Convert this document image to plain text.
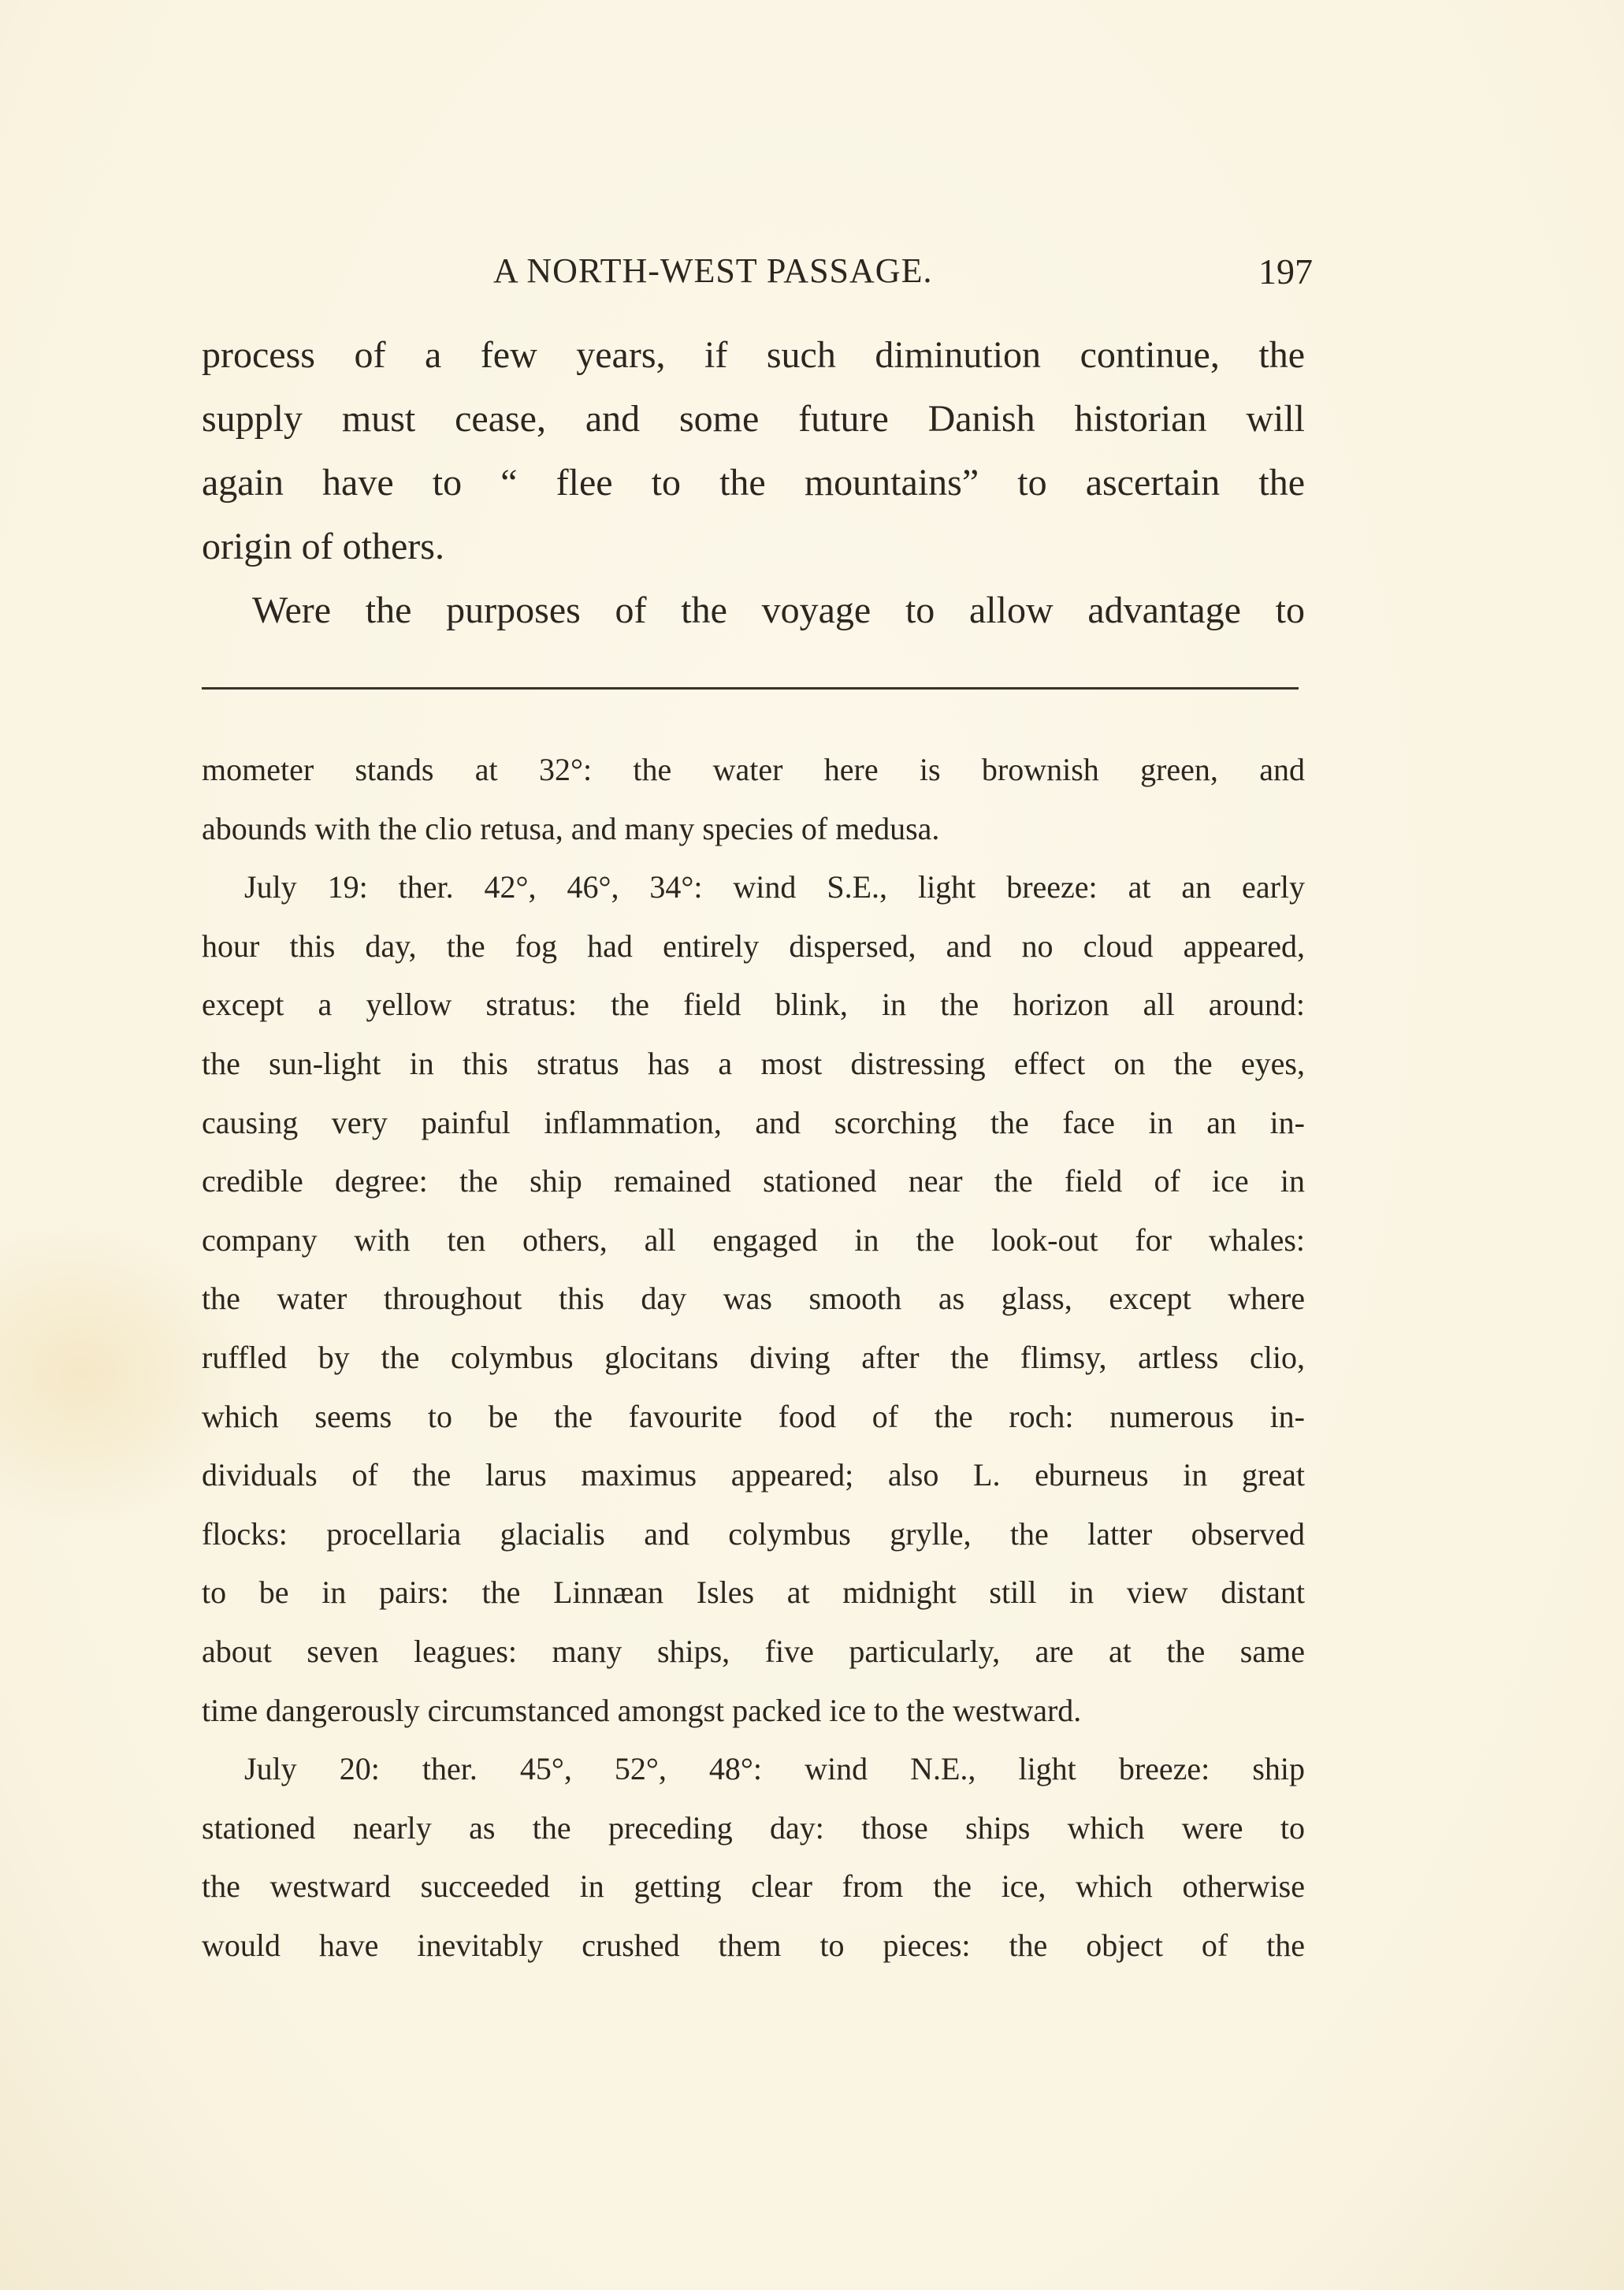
A NORTH-WEST PASSAGE.	197
process of a few years, if such diminution continue, the
supply must cease, and some future Danish historian will
again have to “ flee to the mountains” to ascertain the
origin of others.
Were the purposes of the voyage to allow advantage to
mometer stands at 32°: the water here is brownish green, and
abounds with the clio retusa, and many species of medusa.
July 19: ther. 42°, 46°, 34°: wind S.E., light breeze: at an early
hour this day, the fog had entirely dispersed, and no cloud appeared,
except a yellow stratus: the field blink, in the horizon all around:
the sun-light in this stratus has a most distressing effect on the eyes,
causing very painful inflammation, and scorching the face in an in-
credible degree: the ship remained stationed near the field of ice in
company with ten others, all engaged in the look-out for whales:
the water throughout this day was smooth as glass, except where
ruffled by the colymbus glocitans diving after the flimsy, artless clio,
which seems to be the favourite food of the roch: numerous in-
dividuals of the larus maximus appeared; also L. eburneus in great
flocks: procellaria glacialis and colymbus grylle, the latter observed
to be in pairs: the Linnæan Isles at midnight still in view distant
about seven leagues: many ships, five particularly, are at the same
time dangerously circumstanced amongst packed ice to the westward.
July 20: ther. 45°, 52°, 48°: wind N.E., light breeze: ship
stationed nearly as the preceding day: those ships which were to
the westward succeeded in getting clear from the ice, which otherwise
would have inevitably crushed them to pieces: the object of the
